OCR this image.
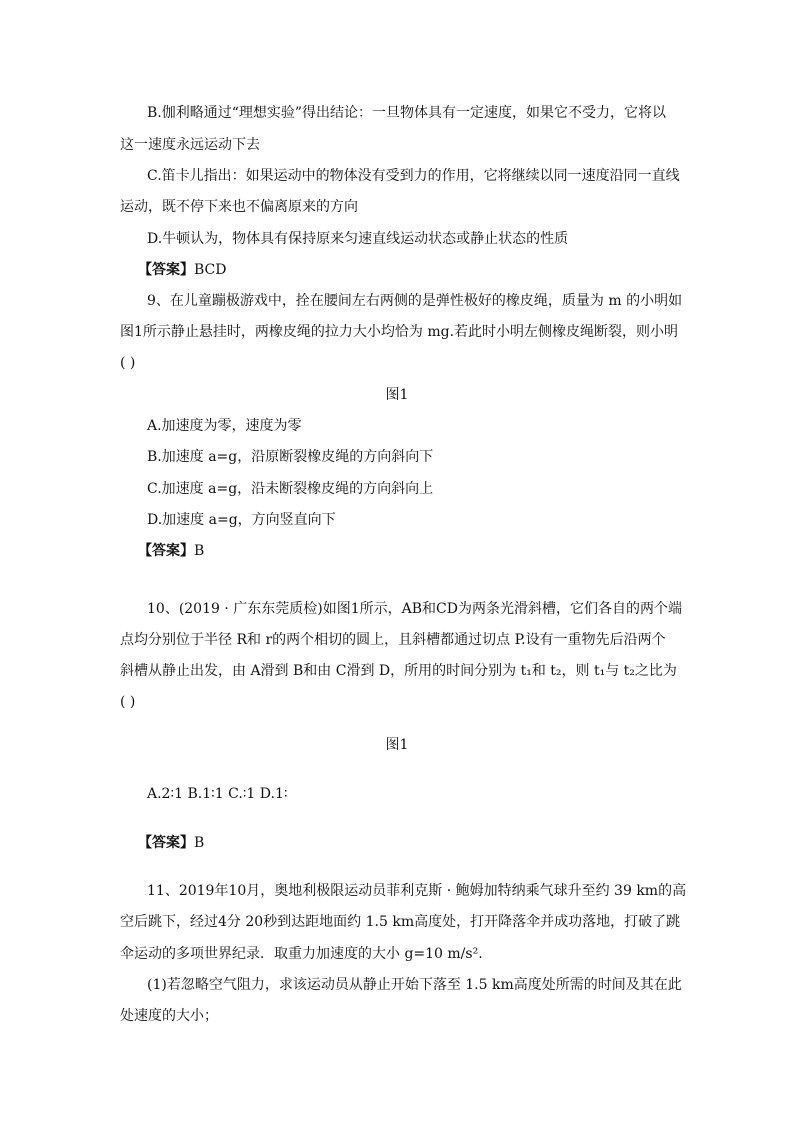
B.伽利略通过“理想实验”得出结论：一旦物体具有一定速度，如果它不受力，它将以
这一速度永远运动下去
C.笛卡儿指出：如果运动中的物体没有受到力的作用，它将继续以同一速度沿同一直线
运动，既不停下来也不偏离原来的方向
D.牛顿认为，物体具有保持原来匀速直线运动状态或静止状态的性质
【答案】BCD
9、在儿童蹦极游戏中，拴在腰间左右两侧的是弹性极好的橡皮绳，质量为 m 的小明如
图1所示静止悬挂时，两橡皮绳的拉力大小均恰为 mg.若此时小明左侧橡皮绳断裂，则小明
( )
图1
A.加速度为零，速度为零
B.加速度 a=g，沿原断裂橡皮绳的方向斜向下
C.加速度 a=g，沿未断裂橡皮绳的方向斜向上
D.加速度 a=g，方向竖直向下
【答案】B
10、(2019 · 广东东莞质检)如图1所示，AB和CD为两条光滑斜槽，它们各自的两个端
点均分别位于半径 R和 r的两个相切的圆上，且斜槽都通过切点 P.设有一重物先后沿两个
斜槽从静止出发，由 A滑到 B和由 C滑到 D，所用的时间分别为 t₁和 t₂，则 t₁与 t₂之比为
( )
图1
A.2∶1 B.1∶1 C.∶1 D.1∶
【答案】B
11、2019年10月，奥地利极限运动员菲利克斯 · 鲍姆加特纳乘气球升至约 39 km的高
空后跳下，经过4分 20秒到达距地面约 1.5 km高度处，打开降落伞并成功落地，打破了跳
伞运动的多项世界纪录．取重力加速度的大小 g=10 m/s².
(1)若忽略空气阻力，求该运动员从静止开始下落至 1.5 km高度处所需的时间及其在此
处速度的大小；
